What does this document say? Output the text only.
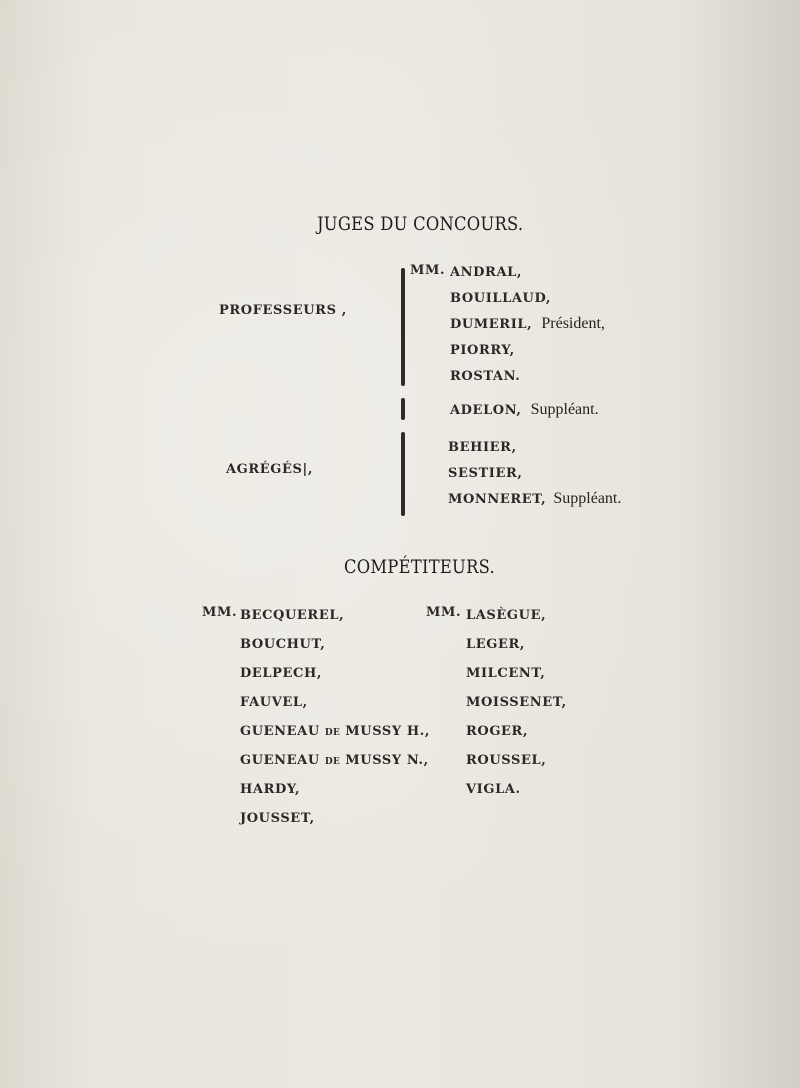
JUGES DU CONCOURS.
PROFESSEURS ,
MM. ANDRAL,
BOUILLAUD,
DUMERIL, Président,
PIORRY,
ROSTAN.
ADELON, Suppléant.
AGRÉGÉS|,
BEHIER,
SESTIER,
MONNERET, Suppléant.
COMPÉTITEURS.
MM.	MM.
BECQUEREL,
BOUCHUT,
DELPECH,
FAUVEL,
GUENEAU DE MUSSY H.,
GUENEAU DE MUSSY N.,
HARDY,
JOUSSET,
LASÈGUE,
LEGER,
MILCENT,
MOISSENET,
ROGER,
ROUSSEL,
VIGLA.
